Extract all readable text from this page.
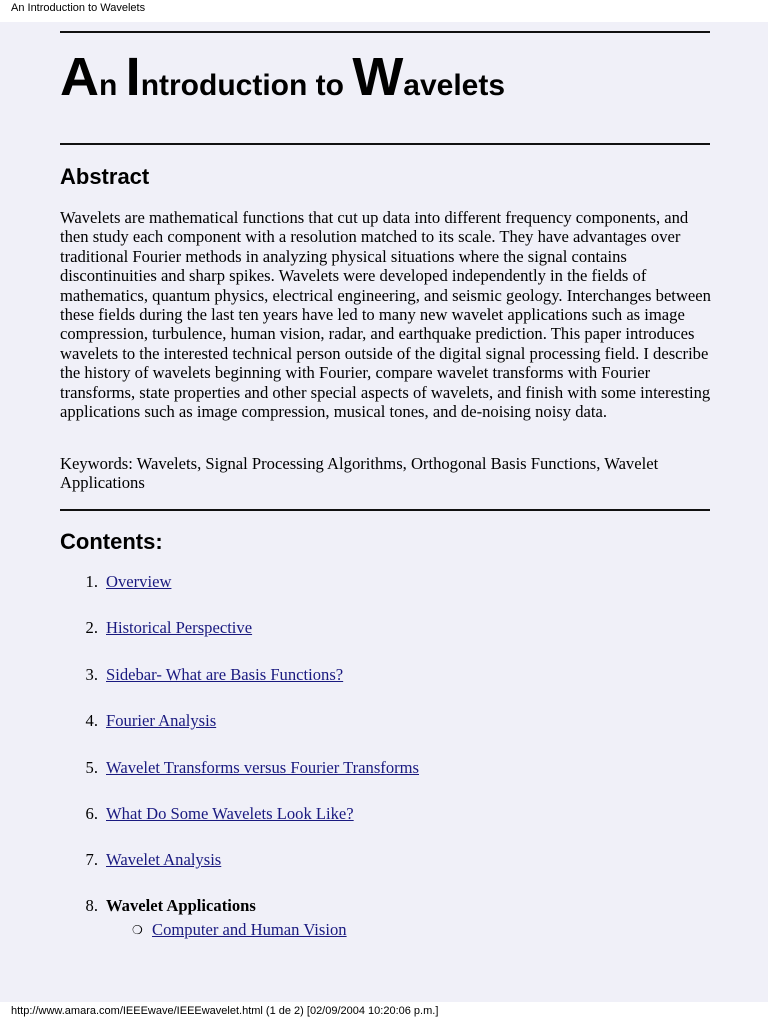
An Introduction to Wavelets
An Introduction to Wavelets
Abstract

Wavelets are mathematical functions that cut up data into different frequency components, and then study each component with a resolution matched to its scale. They have advantages over traditional Fourier methods in analyzing physical situations where the signal contains discontinuities and sharp spikes. Wavelets were developed independently in the fields of mathematics, quantum physics, electrical engineering, and seismic geology. Interchanges between these fields during the last ten years have led to many new wavelet applications such as image compression, turbulence, human vision, radar, and earthquake prediction. This paper introduces wavelets to the interested technical person outside of the digital signal processing field. I describe the history of wavelets beginning with Fourier, compare wavelet transforms with Fourier transforms, state properties and other special aspects of wavelets, and finish with some interesting applications such as image compression, musical tones, and de-noising noisy data.

Keywords: Wavelets, Signal Processing Algorithms, Orthogonal Basis Functions, Wavelet Applications

Contents:
1. Overview
2. Historical Perspective
3. Sidebar- What are Basis Functions?
4. Fourier Analysis
5. Wavelet Transforms versus Fourier Transforms
6. What Do Some Wavelets Look Like?
7. Wavelet Analysis
8. Wavelet Applications
❍ Computer and Human Vision
http://www.amara.com/IEEEwave/IEEEwavelet.html (1 de 2) [02/09/2004 10:20:06 p.m.]
